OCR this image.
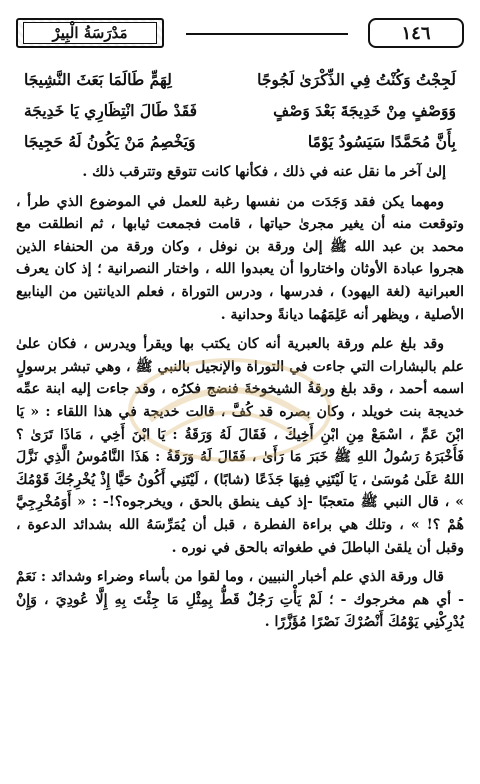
مَدْرَسَةُ الْبِيرْ	١٤٦
لَجِجْتُ وَكُنْتُ فِي الذِّكْرَىٰ لَجُوجًا
لِهَمٍّ طَالَمَا بَعَثَ النَّشِيجَا
وَوَصْفٍ مِنْ خَدِيجَةَ بَعْدَ وَصْفٍ
فَقَدْ طَالَ انْتِظَارِي يَا خَدِيجَة
بِأَنَّ مُحَمَّدًا سَيَسُودُ يَوْمًا
وَيَخْصِمُ مَنْ يَكُونُ لَهُ حَجِيجَا

إلىٰ آخر ما نقل عنه في ذلك ، فكأنها كانت تتوقع وتترقب ذلك .

ومهما يكن فقد وَجَدَت من نفسها رغبة للعمل في الموضوع الذي طرأ ، وتوقعت منه أن يغير مجرىٰ حياتها ، قامت فجمعت ثيابها ، ثم انطلقت مع محمد بن عبد الله ﷺ إلىٰ ورقة بن نوفل ، وكان ورقة من الحنفاء الذين هجروا عبادة الأوثان واختاروا أن يعبدوا الله ، واختار النصرانية ؛ إذ كان يعرف العبرانية (لغة اليهود) ، فدرسها ، ودرس التوراة ، فعلم الديانتين من الينابيع الأصلية ، ويظهر أنه عَلِمَهُما ديانةً وحدانية .

وقد بلغ علم ورقة بالعبرية أنه كان يكتب بها ويقرأ ويدرس ، فكان علىٰ علم بالبشارات التي جاءت في التوراة والإنجيل بالنبي ﷺ ، وهي تبشر برسولٍ اسمه أحمد ، وقد بلغ ورقةُ الشيخوخةَ فنضج فكرُه ، وقد جاءت إليه ابنة عمِّه خديجة بنت خويلد ، وكان بصره قد كُفَّ ، قالت خديجة في هذا اللقاء : « يَا ابْنَ عَمِّ ، اسْمَعْ مِنِ ابْنِ أَخِيكَ ، فَقَالَ لَهُ وَرَقَةُ : يَا ابْنَ أَخِي ، مَاذَا تَرَىٰ ؟ فَأَخْبَرَهُ رَسُولُ اللهِ ﷺ خَبَرَ مَا رَأَىٰ ، فَقَالَ لَهُ وَرَقَةُ : هَذَا النَّامُوسُ الَّذِي نَزَّلَ اللهُ عَلَىٰ مُوسَىٰ ، يَا لَيْتَنِي فِيهَا جَذَعًا (شابًا) ، لَيْتَنِي أَكُونُ حَيًّا إِذْ يُخْرِجُكَ قَوْمُكَ » ، قال النبي ﷺ متعجبًا -إذ كيف ينطق بالحق ، ويخرجوه؟!- : « أَوَمُخْرِجِيَّ هُمْ ؟! » ، وتلك هي براءة الفطرة ، قبل أن يُمَرِّسَهُ الله بشدائد الدعوة ، وقبل أن يلقىٰ الباطلَ في طغواته بالحق في نوره .

قال ورقة الذي علم أخبار النبيين ، وما لقوا من بأساء وضراء وشدائد : نَعَمْ - أي هم مخرجوك - ؛ لَمْ يَأْتِ رَجُلٌ قَطُّ بِمِثْلِ مَا جِئْتَ بِهِ إِلَّا عُودِيَ ، وَإِنْ يُدْرِكْنِي يَوْمُكَ أَنْصُرْكَ نَصْرًا مُؤَزَّرًا .
